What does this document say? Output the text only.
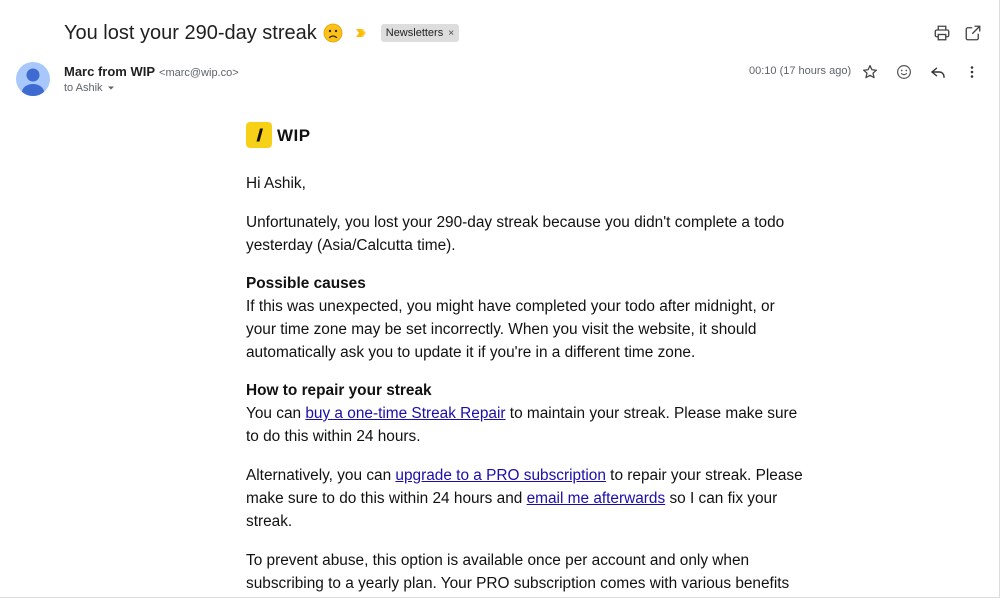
You lost your 290-day streak	Newsletters ×
Marc from WIP <marc@wip.co>
to Ashik
00:10 (17 hours ago)
WIP

Hi Ashik,

Unfortunately, you lost your 290-day streak because you didn't complete a todo yesterday (Asia/Calcutta time).

Possible causes

If this was unexpected, you might have completed your todo after midnight, or your time zone may be set incorrectly. When you visit the website, it should automatically ask you to update it if you're in a different time zone.

How to repair your streak

You can buy a one-time Streak Repair to maintain your streak. Please make sure to do this within 24 hours.

Alternatively, you can upgrade to a PRO subscription to repair your streak. Please make sure to do this within 24 hours and email me afterwards so I can fix your streak.

To prevent abuse, this option is available once per account and only when subscribing to a yearly plan. Your PRO subscription comes with various benefits
